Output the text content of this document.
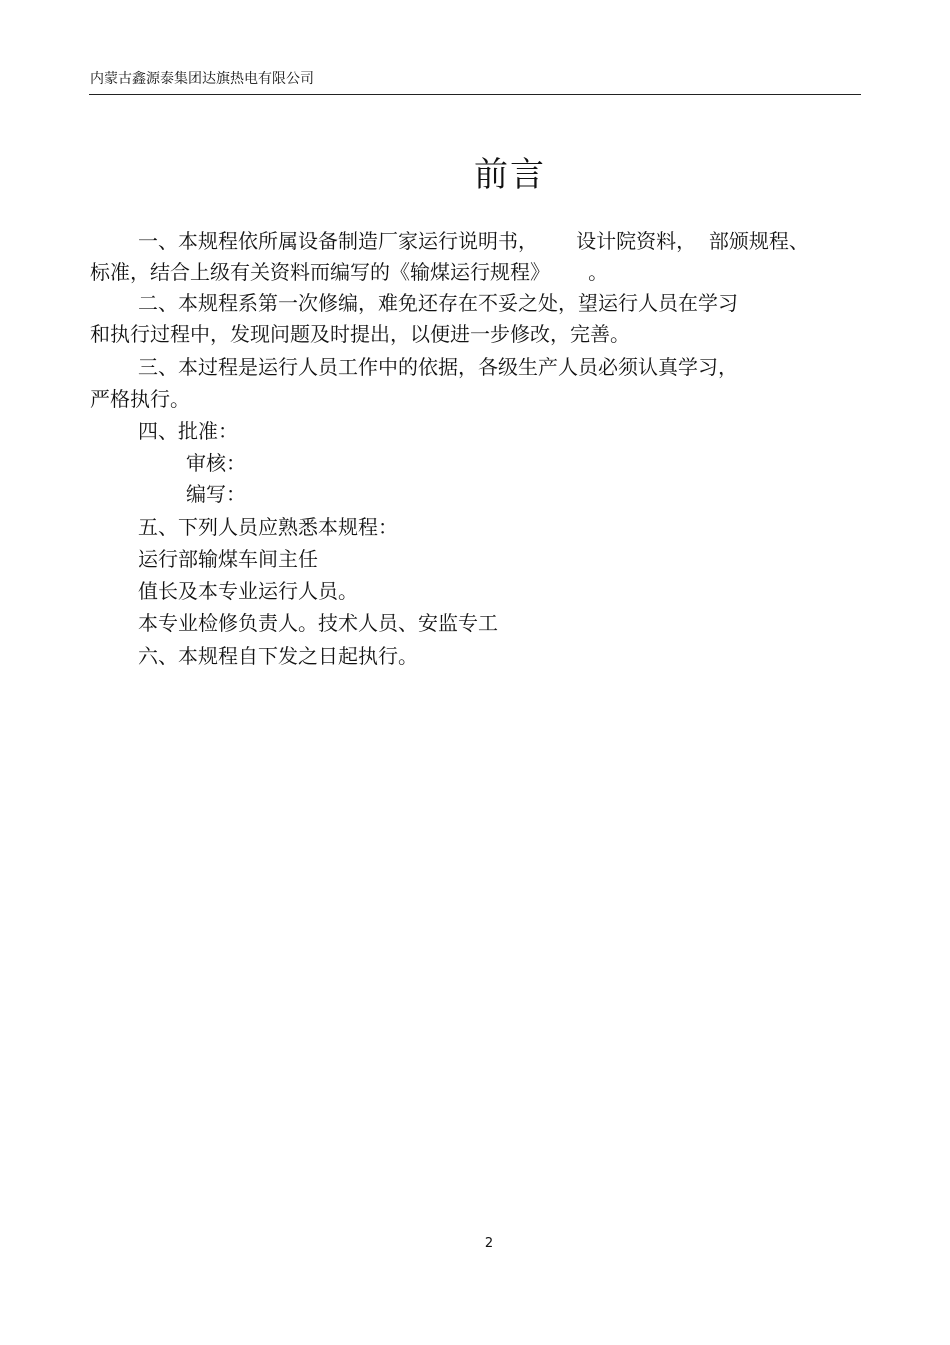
内蒙古鑫源泰集团达旗热电有限公司
前言
一、本规程依所属设备制造厂家运行说明书，      设计院资料，  部颁规程、
标准，结合上级有关资料而编写的《输煤运行规程》      。
二、本规程系第一次修编，难免还存在不妥之处，望运行人员在学习
和执行过程中，发现问题及时提出，以便进一步修改，完善。
三、本过程是运行人员工作中的依据，各级生产人员必须认真学习，
严格执行。
四、批准：
审核：
编写：
五、下列人员应熟悉本规程：
运行部输煤车间主任
值长及本专业运行人员。
本专业检修负责人。技术人员、安监专工
六、本规程自下发之日起执行。
2
